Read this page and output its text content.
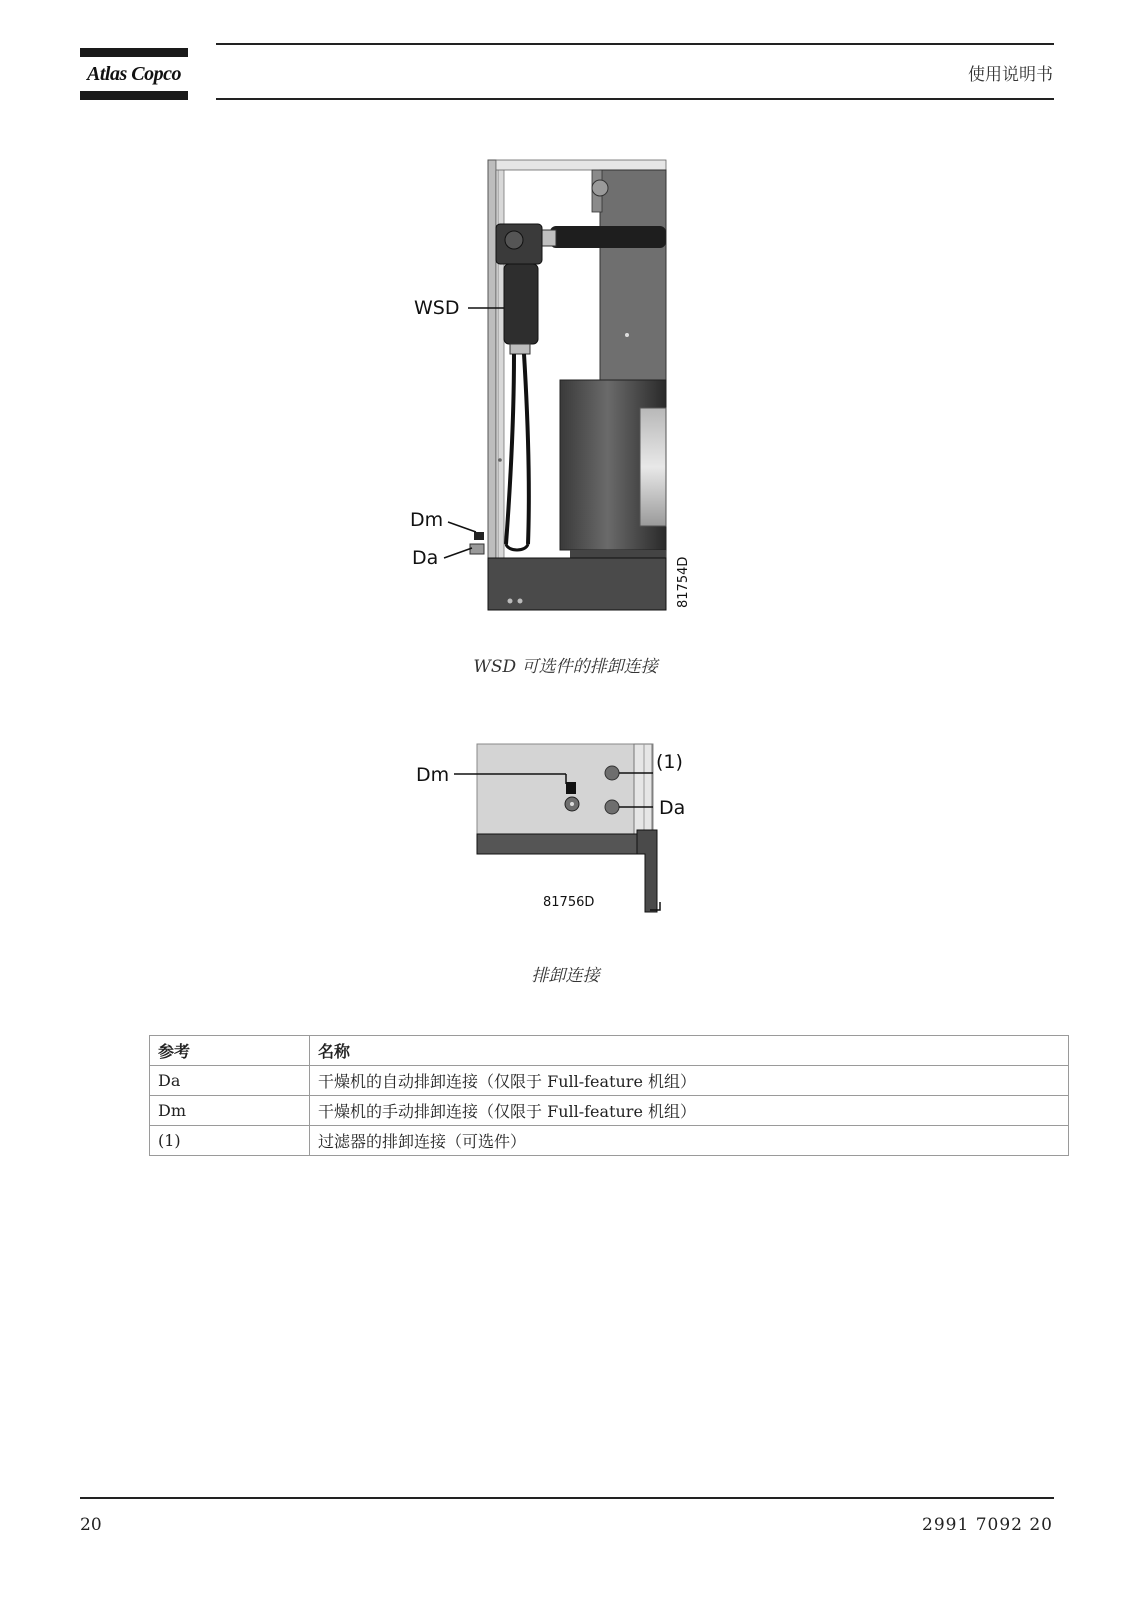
Atlas Copco	使用说明书
WSD
Dm
Da	81754D
WSD 可选件的排卸连接
Dm
(1)
Da
81756D
排卸连接
参考	名称
Da	干燥机的自动排卸连接（仅限于 Full-feature 机组）
Dm	干燥机的手动排卸连接（仅限于 Full-feature 机组）
(1)	过滤器的排卸连接（可选件）
20	2991 7092 20
